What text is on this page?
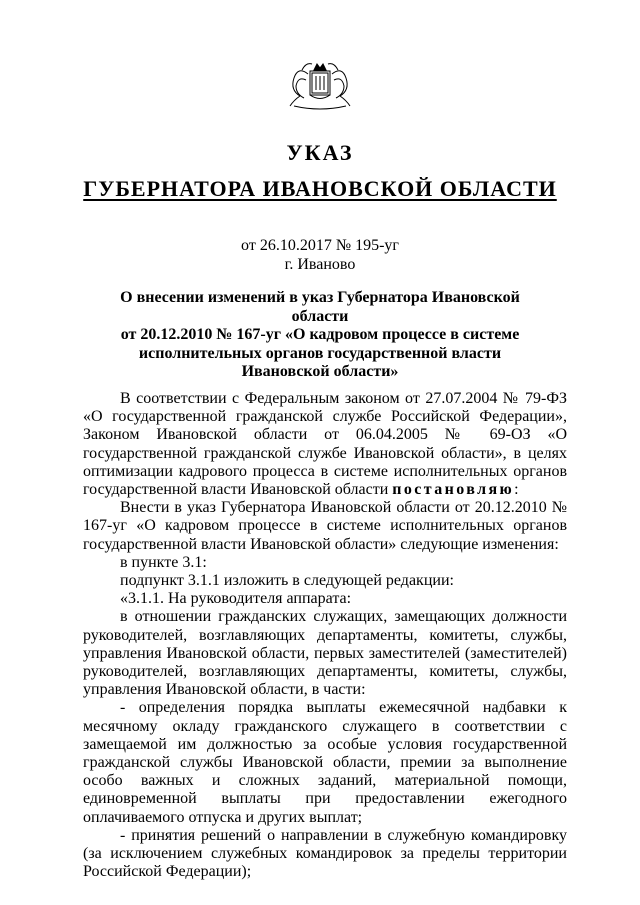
УКАЗ
ГУБЕРНАТОРА ИВАНОВСКОЙ ОБЛАСТИ
от 26.10.2017 № 195-уг
г. Иваново
О внесении изменений в указ Губернатора Ивановской области
от 20.12.2010 № 167-уг «О кадровом процессе в системе
исполнительных органов государственной власти
Ивановской области»

В соответствии с Федеральным законом от 27.07.2004 № 79-ФЗ «О государственной гражданской службе Российской Федерации», Законом Ивановской области от 06.04.2005 № 69-ОЗ «О государственной гражданской службе Ивановской области», в целях оптимизации кадрового процесса в системе исполнительных органов государственной власти Ивановской области постановляю:

Внести в указ Губернатора Ивановской области от 20.12.2010 № 167-уг «О кадровом процессе в системе исполнительных органов государственной власти Ивановской области» следующие изменения:

в пункте 3.1:

подпункт 3.1.1 изложить в следующей редакции:

«3.1.1. На руководителя аппарата:

в отношении гражданских служащих, замещающих должности руководителей, возглавляющих департаменты, комитеты, службы, управления Ивановской области, первых заместителей (заместителей) руководителей, возглавляющих департаменты, комитеты, службы, управления Ивановской области, в части:

- определения порядка выплаты ежемесячной надбавки к месячному окладу гражданского служащего в соответствии с замещаемой им должностью за особые условия государственной гражданской службы Ивановской области, премии за выполнение особо важных и сложных заданий, материальной помощи, единовременной выплаты при предоставлении ежегодного оплачиваемого отпуска и других выплат;

- принятия решений о направлении в служебную командировку (за исключением служебных командировок за пределы территории Российской Федерации);
